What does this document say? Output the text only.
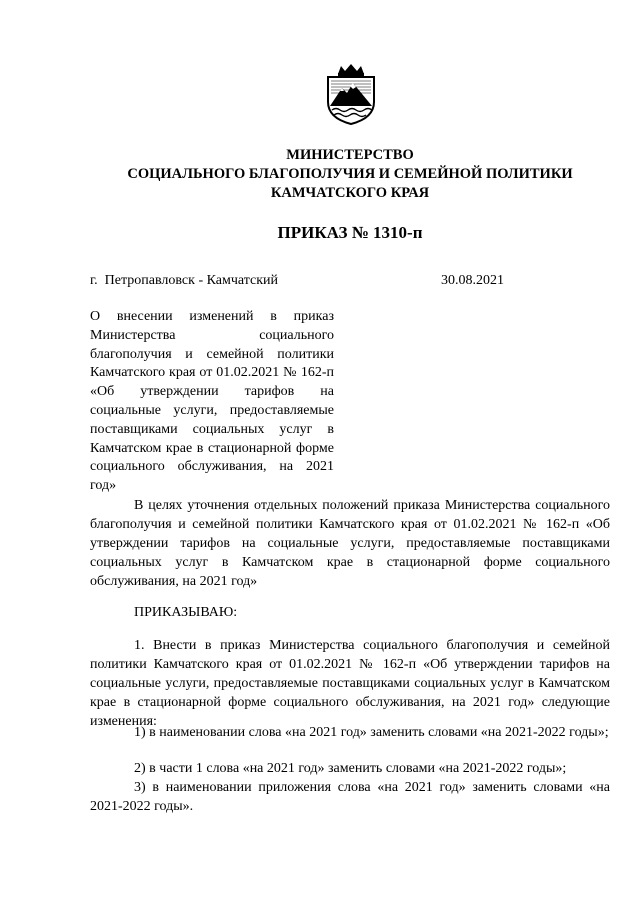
МИНИСТЕРСТВО
СОЦИАЛЬНОГО БЛАГОПОЛУЧИЯ И СЕМЕЙНОЙ ПОЛИТИКИ
КАМЧАТСКОГО КРАЯ
ПРИКАЗ № 1310-п
г.  Петропавловск - Камчатский	30.08.2021
О внесении изменений в приказ Министерства социального благополучия и семейной политики Камчатского края от 01.02.2021 № 162-п «Об утверждении тарифов на социальные услуги, предоставляемые поставщиками социальных услуг в Камчатском крае в стационарной форме социального обслуживания, на 2021 год»
В целях уточнения отдельных положений приказа Министерства социального благополучия и семейной политики Камчатского края от 01.02.2021 № 162-п «Об утверждении тарифов на социальные услуги, предоставляемые поставщиками социальных услуг в Камчатском крае в стационарной форме социального обслуживания, на 2021 год»
ПРИКАЗЫВАЮ:
1. Внести в приказ Министерства социального благополучия и семейной политики Камчатского края от 01.02.2021 № 162-п «Об утверждении тарифов на социальные услуги, предоставляемые поставщиками социальных услуг в Камчатском крае в стационарной форме социального обслуживания, на 2021 год» следующие изменения:
1) в наименовании слова «на 2021 год» заменить словами «на 2021-2022 годы»;
2) в части 1 слова «на 2021 год» заменить словами «на 2021-2022 годы»;
3) в наименовании приложения слова «на 2021 год» заменить словами «на 2021-2022 годы».
